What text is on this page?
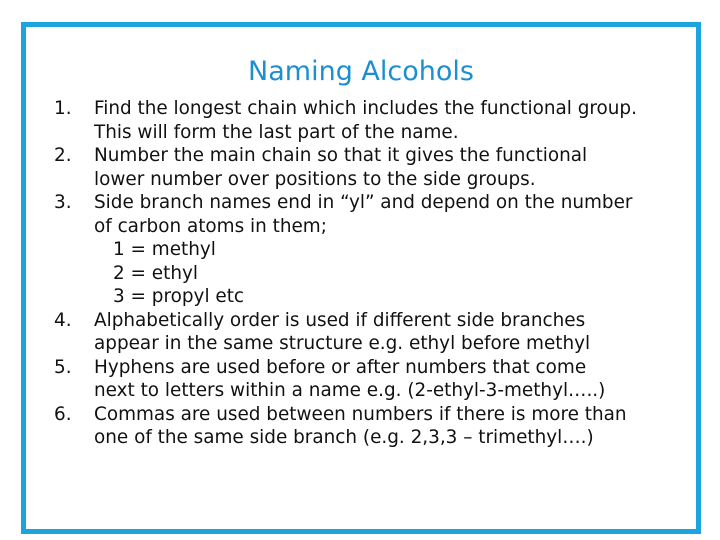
Naming Alcohols
1. Find the longest chain which includes the functional group.
This will form the last part of the name.
2. Number the main chain so that it gives the functional
lower number over positions to the side groups.
3. Side branch names end in “yl” and depend on the number
of carbon atoms in them;
1 = methyl
2 = ethyl
3 = propyl etc
4. Alphabetically order is used if different side branches
appear in the same structure e.g. ethyl before methyl
5. Hyphens are used before or after numbers that come
next to letters within a name e.g. (2-ethyl-3-methyl…..)
6. Commas are used between numbers if there is more than
one of the same side branch (e.g. 2,3,3 – trimethyl….)
